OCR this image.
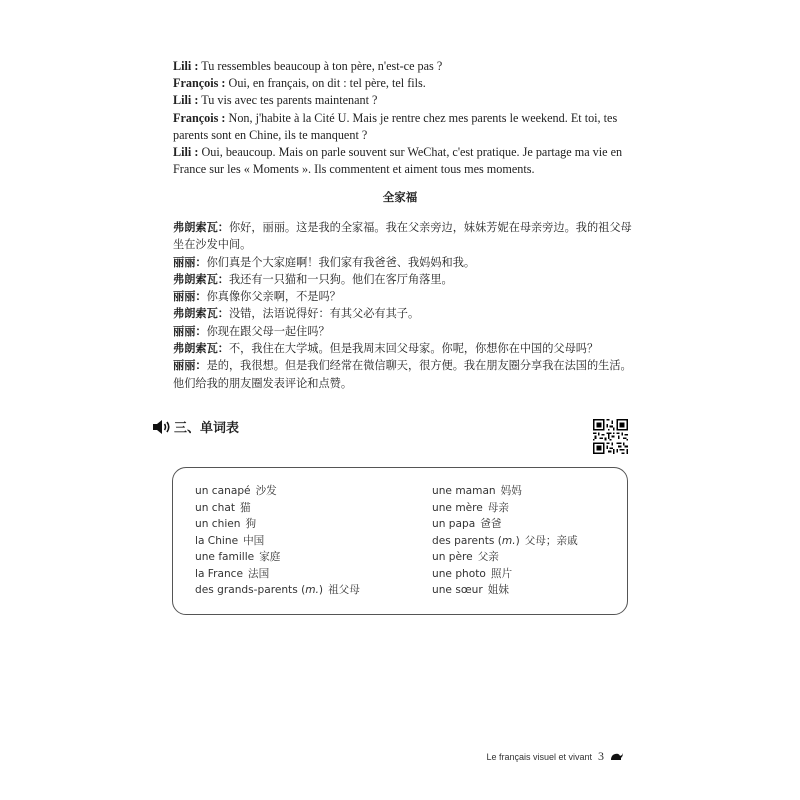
Lili : Tu ressembles beaucoup à ton père, n'est-ce pas ?

François : Oui, en français, on dit : tel père, tel fils.

Lili : Tu vis avec tes parents maintenant ?

François : Non, j'habite à la Cité U. Mais je rentre chez mes parents le weekend. Et toi, tes parents sont en Chine, ils te manquent ?

Lili : Oui, beaucoup. Mais on parle souvent sur WeChat, c'est pratique. Je partage ma vie en France sur les « Moments ». Ils commentent et aiment tous mes moments.

全家福

弗朗索瓦：你好，丽丽。这是我的全家福。我在父亲旁边，妹妹芳妮在母亲旁边。我的祖父母坐在沙发中间。

丽丽：你们真是个大家庭啊！我们家有我爸爸、我妈妈和我。

弗朗索瓦：我还有一只猫和一只狗。他们在客厅角落里。

丽丽：你真像你父亲啊，不是吗？

弗朗索瓦：没错，法语说得好：有其父必有其子。

丽丽：你现在跟父母一起住吗？

弗朗索瓦：不，我住在大学城。但是我周末回父母家。你呢，你想你在中国的父母吗？

丽丽：是的，我很想。但是我们经常在微信聊天，很方便。我在朋友圈分享我在法国的生活。他们给我的朋友圈发表评论和点赞。

三、单词表
un canapé 沙发
un chat 猫
un chien 狗
la Chine 中国
une famille 家庭
la France 法国
des grands-parents (m.) 祖父母
une maman 妈妈
une mère 母亲
un papa 爸爸
des parents (m.) 父母；亲戚
un père 父亲
une photo 照片
une sœur 姐妹
Le français visuel et vivant 3
